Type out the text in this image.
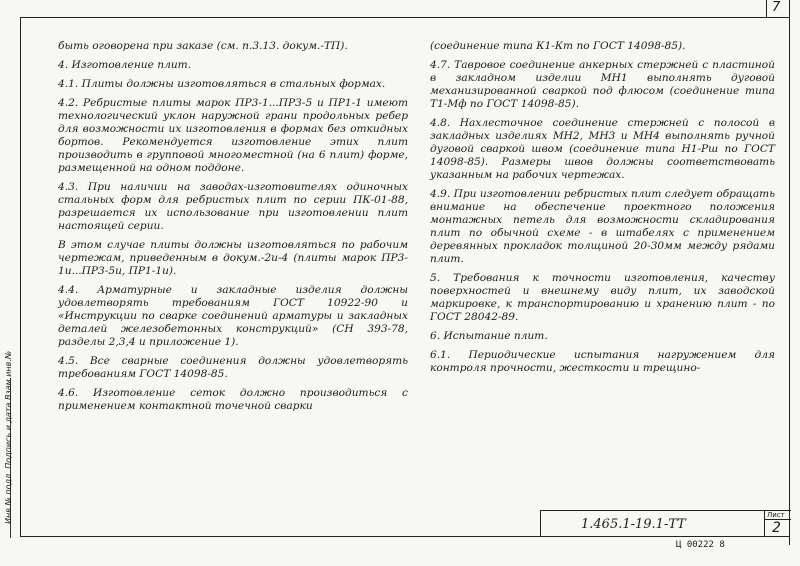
7
Инв.№ подл. Подпись и дата Взам.инв.№

быть оговорена при заказе (см. п.3.13. докум.-ТП).

4. Изготовление плит.

4.1. Плиты должны изготовляться в стальных формах.

4.2. Ребристые плиты марок ПР3-1...ПР3-5 и ПР1-1 имеют технологический уклон наружной грани продольных ребер для возможности их изготовления в формах без откидных бортов. Рекомендуется изготовление этих плит производить в групповой многоместной (на 6 плит) форме, размещенной на одном поддоне.

4.3. При наличии на заводах-изготовителях одиночных стальных форм для ребристых плит по серии ПК-01-88, разрешается их использование при изготовлении плит настоящей серии.

В этом случае плиты должны изготовляться по рабочим чертежам, приведенным в докум.-2и-4 (плиты марок ПР3-1и...ПР3-5и, ПР1-1и).

4.4. Арматурные и закладные изделия должны удовлетворять требованиям ГОСТ 10922-90 и «Инструкции по сварке соединений арматуры и закладных деталей железобетонных конструкций» (СН 393-78, разделы 2,3,4 и приложение 1).

4.5. Все сварные соединения должны удовлетворять требованиям ГОСТ 14098-85.

4.6. Изготовление сеток должно производиться с применением контактной точечной сварки

(соединение типа К1-Кт по ГОСТ 14098-85).

4.7. Тавровое соединение анкерных стержней с пластиной в закладном изделии МН1 выполнять дуговой механизированной сваркой под флюсом (соединение типа Т1-Мф по ГОСТ 14098-85).

4.8. Нахлесточное соединение стержней с полосой в закладных изделиях МН2, МН3 и МН4 выполнять ручной дуговой сваркой швом (соединение типа Н1-Рш по ГОСТ 14098-85). Размеры швов должны соответствовать указанным на рабочих чертежах.

4.9. При изготовлении ребристых плит следует обращать внимание на обеспечение проектного положения монтажных петель для возможности складирования плит по обычной схеме - в штабелях с применением деревянных прокладок толщиной 20-30мм между рядами плит.

5. Требования к точности изготовления, качеству поверхностей и внешнему виду плит, их заводской маркировке, к транспортированию и хранению плит - по ГОСТ 28042-89.

6. Испытание плит.

6.1. Периодические испытания нагружением для контроля прочности, жесткости и трещино-

1.465.1-19.1-ТТ
Лист
2
Ц 00222 8
